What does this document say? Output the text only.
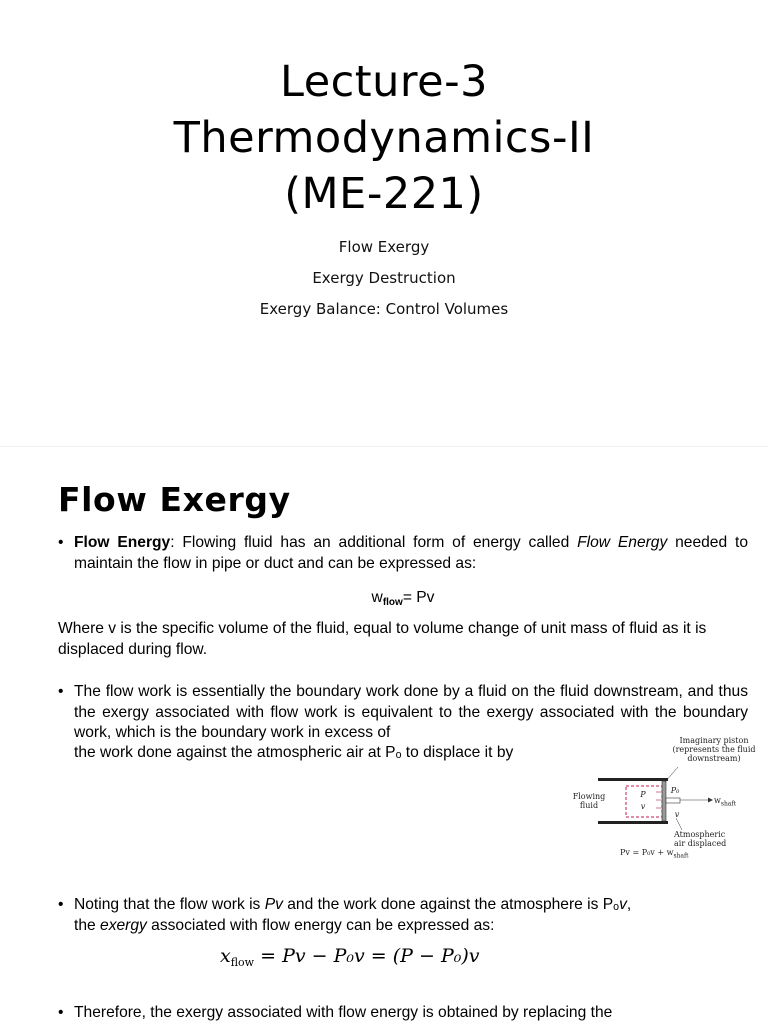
Lecture-3
Thermodynamics-II
(ME-221)
Flow Exergy
Exergy Destruction
Exergy Balance: Control Volumes
Flow Exergy
• Flow Energy: Flowing fluid has an additional form of energy called Flow Energy needed to maintain the flow in pipe or duct and can be expressed as:
$w_{flow}= Pv$
Where v is the specific volume of the fluid, equal to volume change of unit mass of fluid as it is displaced during flow.
• The flow work is essentially the boundary work done by a fluid on the fluid downstream, and thus the exergy associated with flow work is equivalent to the exergy associated with the boundary work, which is the boundary work in excess of
the work done against the atmospheric air at Pₒ to displace it by
Imaginary piston (represents the fluid downstream)
Flowing fluid
P
v
P₀
$w_{shaft}$
v
Atmospheric air displaced
$Pv = P_0v + w_{shaft}$
• Noting that the flow work is Pv and the work done against the atmosphere is Pₒv,
the exergy associated with flow energy can be expressed as:
$x_{flow} = Pv - P_0v = (P - P_0)v$
• Therefore, the exergy associated with flow energy is obtained by replacing the
